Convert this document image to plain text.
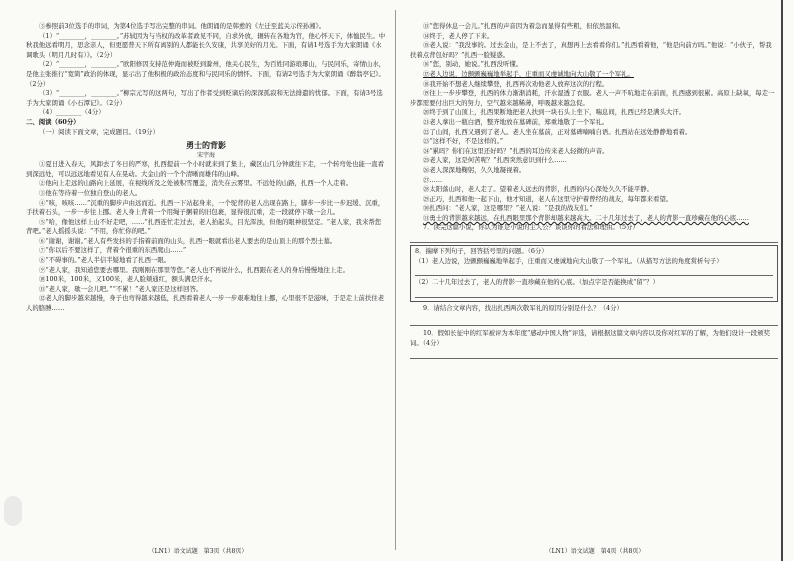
③参照前3位选手的串词，为第4位选手写出完整的串词。他朗诵的是韩愈的《左迁至蓝关示侄孙湘》。

（1）“________，________。”苏轼因为与当权的改革者政见不同，自求外放，辗转在各地为官，他心怀天下，体恤民生。中秋我他远看明月，思念亲人，但更愿普天下所有离别的人都能长久安康，共享美好的月光。下面，有请1号选手为大家朗诵《水调歌头（明月几时有）》。（2分）

（2）“________，________。”欧阳修因支持范仲淹而被贬到滁州，他关心民生，为百姓同游琅琊山，与民同乐，寄情山水，是他主张推行“宽简”政治的体现，显示出了他积极的政治态度和与民同乐的情怀。下面，有请2号选手为大家朗诵《醉翁亭记》。（2分）

（3）“________，________。”柳宗元写的这两句，写出了作者受到贬谪后的深深孤寂和无法排遣的忧郁。下面，有请3号选手为大家朗诵《小石潭记》。（2分）

（4）________（4分）

二、阅读（60分）

（一）阅读下面文章，完成题目。（19分）

勇士的背影

宋宇海

①夏日进入春天，风卸去了冬日的严寒，扎西提前一个小时就来到了集上，藏区山几分钟就往下走，一个转弯处也能一直看到深远处，可以远远地看见有人在晃动。大金山的一个个清晰而雄伟的山峰。

②他向上走远的山路向上延展，在视线所及之处被积雪覆盖，消失在云雾里。不远处的山路，扎西一个人走着。

③他在等待着一位独自登山的老人。

④“咳，咳咳……”沉重的脚步声由远而近。扎西一下站起身来，一个驼背的老人出现在路上，脚步一步比一步迟缓、沉重，手扶着石头，一步一步往上挪。老人身上背着一个用绳子捆着的旧包裹，显得很沉重，走一段就停下歇一会儿。

⑤“哈，像他这样上山不好走吧，……”扎西连忙走过去，老人抬起头，目光浑浊，但他的眼神很坚定。“老人家，我来帮您背吧。”老人摇摇头说：“不用，你忙你的吧。”

⑥“谢谢，谢谢。”老人有些发抖的手指着前面的山头，扎西一眼就看出老人要去的是山顶上的那个烈士墓。

⑦“你以后不要这样了，背着个很重的东西爬山……”

⑧“不碍事的。”老人半信半疑地看了扎西一眼。

⑨“老人家，我知道您要去哪里。我刚刚在那里等您。”老人也不再说什么，扎西跟在老人的身后慢慢地往上走。

⑩100米，100米，又100米，老人脸颊通红，额头满是汗水。

⑪“老人家，歇一会儿吧。”“不累！”老人家还是这样回答。

⑫老人的脚步越来越慢，身子也弯得越来越低，扎西看着老人一步一步艰难地往上挪，心里很不是滋味，于是走上前扶住老人的胳膊……

（LN1）语文试题　第3页（共8页）

⑬“您得休息一会儿。”扎西的声音因为着急而显得有些粗，但依然温和。

⑭终于，老人停了下来。

⑮老人说：“我没事的。过去金山，是上不去了，真想再上去看看你们。”扎西看着他，“他是向前方吗。”他说：“小伙子，帮我扶着点背包好吗？”扎西一脸疑惑。

⑯“您，别动，她说。”扎西没听懂。

⑰老人边说，边颤颤巍巍地举起手，庄重而又虔诚地向大山敬了一个军礼。

⑱我开始不想老人继续攀登，扎西再次劝他老人放弃这次的行程。

⑲往上一步步攀登，扎西的体力渐渐消耗，汗水湿透了衣服。老人一声不吭地走在前面，扎西感到很累。高原上缺氧，每走一步都需要付出巨大的努力，空气越来越稀薄，呼吸越来越急促。

⑳终于到了山顶上，扎西果断地把老人扶到一块石头上坐下，喘息间，扎西已经是满头大汗。

㉑老人拿出一瓶白酒，整齐地放在墓碑前，郑重地敬了一个军礼。

㉒了山间，扎西又遇到了老人。老人坐在墓前，正对墓碑喃喃自语。扎西站在远处静静地看着。

㉓“这样不好，不是这样的。”

㉔“累吗？你们在这里还好吗？”扎西的耳边传来老人轻微的声音。

㉕老人家，这是何苦呢？”扎西突然意识到什么……

㉖老人深深地鞠躬，久久地凝视着。

㉗……

㉘太阳落山时，老人走了。望着老人远去的背影，扎西的内心深处久久不能平静。

㉙正巧，扎西和他一起下山，他才知道，老人在这里守护着曾经的战友，每年都来看望。

㉚扎西问：“老人家，这是哪里？”老人说：“是我的战友们。”

㉛勇士的背影越来越远，在扎西眼里那个背影却越来越高大。二十几年过去了，老人的背影一直珍藏在他的心底……

7．读完这篇小说，你认为谁是小说的主人公？谈谈你的看法和理由。（5分）

8．揣摩下列句子，回答括号里的问题。（6分）

（1）老人边说，边颤颤巍巍地举起手，庄重而又虔诚地向大山敬了一个军礼。（从描写方法的角度赏析句子）

（2）二十几年过去了，老人的背影一直珍藏在他的心底。（加点字是否能换成“留”？）

9．请结合文章内容，找出扎西两次敬军礼的原因分别是什么？（4分）

10．假如长征中的红军被评为本年度“感动中国人物”评选，请根据这篇文章内容以及你对红军的了解，为他们设计一段颁奖词。（4分）

（LN1）语文试题　第4页（共8页）
